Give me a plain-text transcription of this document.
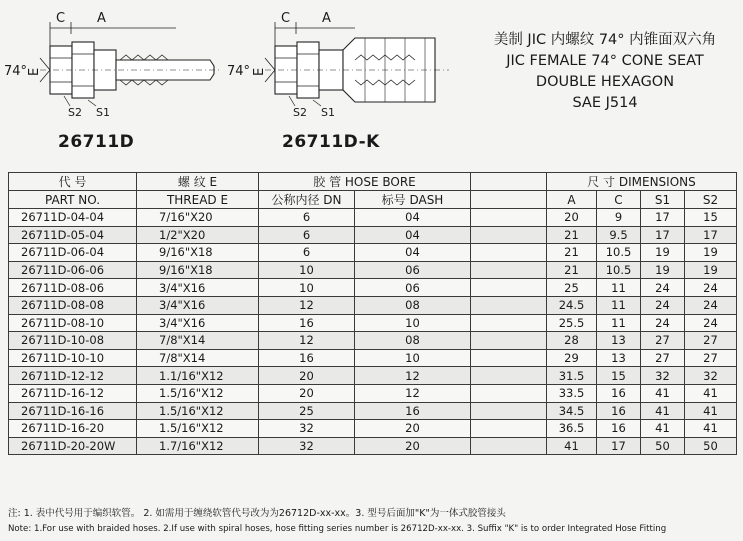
C A
74° E
S2 S1
C A
74° E
S2 S1
26711D	26711D-K
美制 JIC 内螺纹 74° 内锥面双六角
JIC FEMALE 74° CONE SEAT
DOUBLE HEXAGON
SAE J514
代 号	螺 纹 E	胶 管 HOSE BORE			尺 寸 DIMENSIONS			
PART NO.	THREAD E	公称内径 DN	标号 DASH		A	C	S1	S2
26711D-04-04	7/16"X20	6	04		20	9	17	15
26711D-05-04	1/2"X20	6	04		21	9.5	17	17
26711D-06-04	9/16"X18	6	04		21	10.5	19	19
26711D-06-06	9/16"X18	10	06		21	10.5	19	19
26711D-08-06	3/4"X16	10	06		25	11	24	24
26711D-08-08	3/4"X16	12	08		24.5	11	24	24
26711D-08-10	3/4"X16	16	10		25.5	11	24	24
26711D-10-08	7/8"X14	12	08		28	13	27	27
26711D-10-10	7/8"X14	16	10		29	13	27	27
26711D-12-12	1.1/16"X12	20	12		31.5	15	32	32
26711D-16-12	1.5/16"X12	20	12		33.5	16	41	41
26711D-16-16	1.5/16"X12	25	16		34.5	16	41	41
26711D-16-20	1.5/16"X12	32	20		36.5	16	41	41
26711D-20-20W	1.7/16"X12	32	20		41	17	50	50
注: 1. 表中代号用于编织软管。 2. 如需用于缠绕软管代号改为为26712D-xx-xx。3. 型号后面加"K"为一体式胶管接头
Note: 1.For use with braided hoses. 2.If use with spiral hoses, hose fitting series number is 26712D-xx-xx. 3. Suffix "K" is to order Integrated Hose Fitting
